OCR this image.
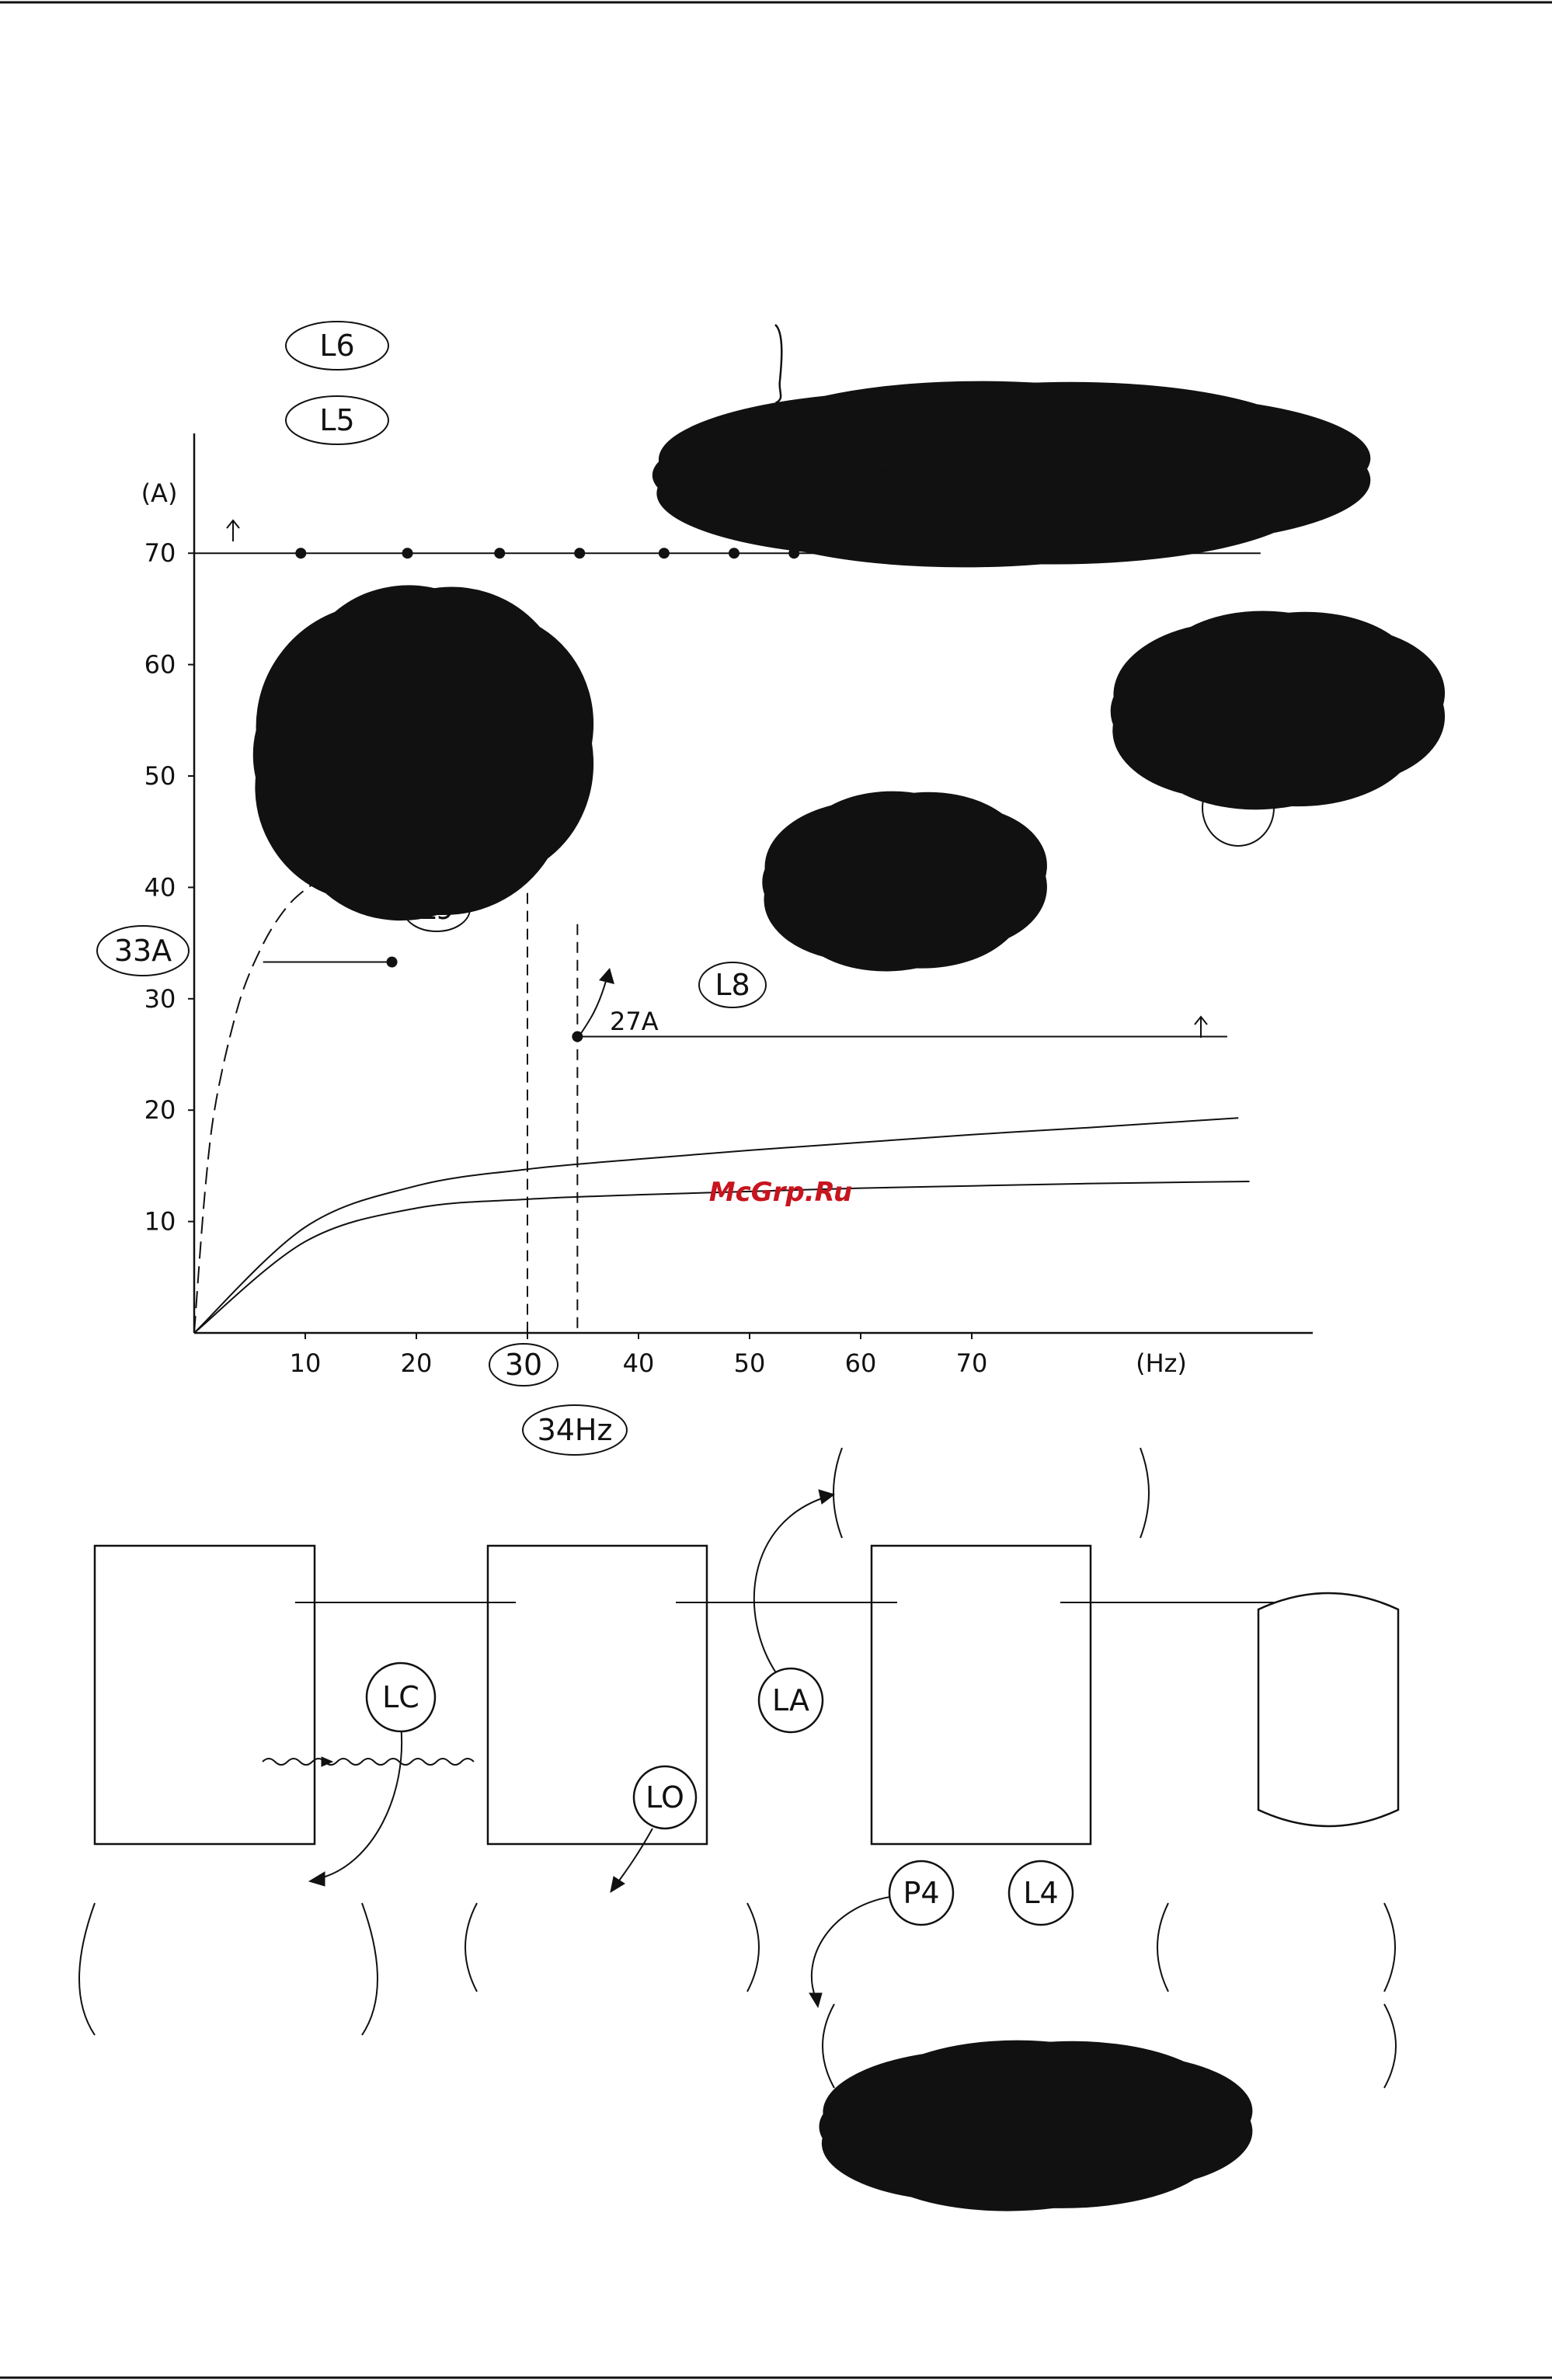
(A)
(Hz)
10
20
30
40
50
60
70
10	20	40	50	60	70
L6
L5
33A
L9
L8
27A
30
34Hz
McGrp.Ru
LC
LO
LA
P4	L4
